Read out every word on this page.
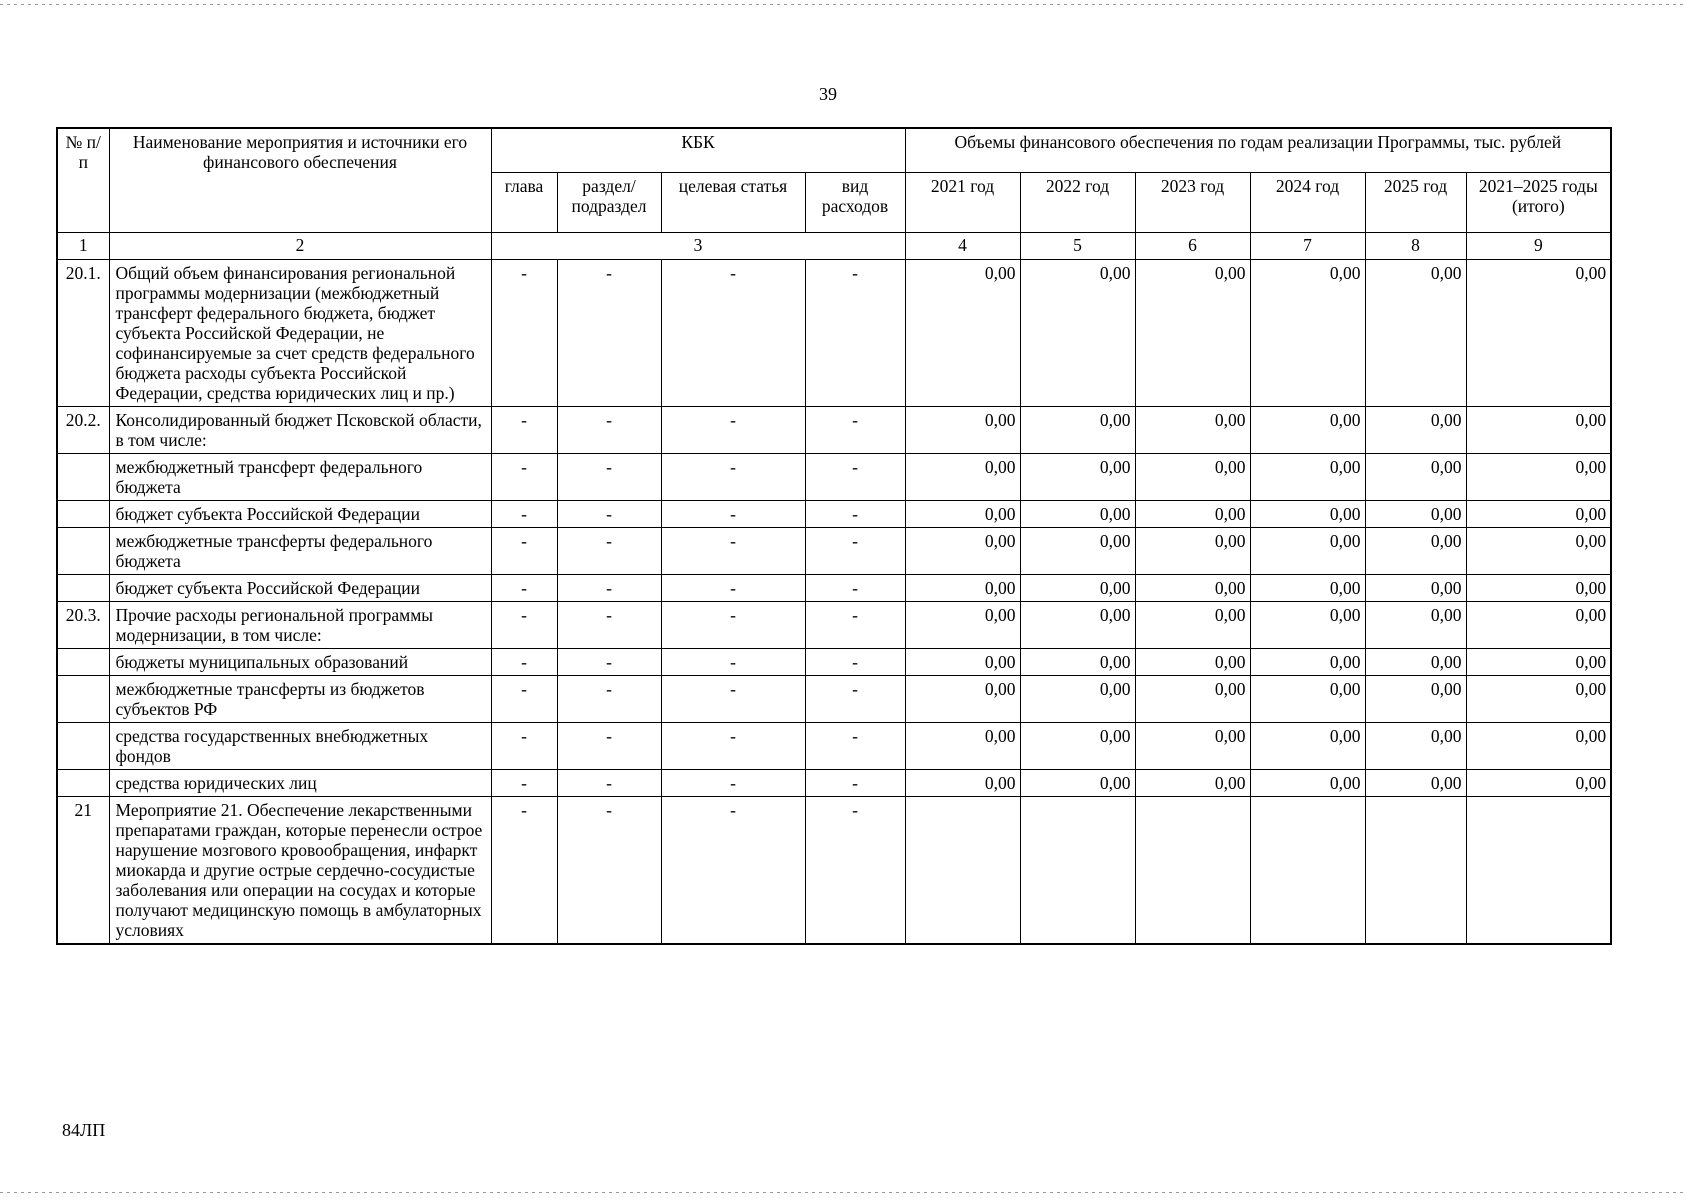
39
№ п/п	Наименование мероприятия и источники его финансового обеспечения	КБК				Объемы финансового обеспечения по годам реализации Программы, тыс. рублей					
		глава	раздел/ подраздел	целевая статья	вид расходов	2021 год	2022 год	2023 год	2024 год	2025 год	2021–2025 годы (итого)
1	2	3				4	5	6	7	8	9
20.1.	Общий объем финансирования региональной программы модернизации (межбюджетный трансферт федерального бюджета, бюджет субъекта Российской Федерации, не софинансируемые за счет средств федерального бюджета расходы субъекта Российской Федерации, средства юридических лиц и пр.)	-	-	-	-	0,00	0,00	0,00	0,00	0,00	0,00
20.2.	Консолидированный бюджет Псковской области, в том числе:	-	-	-	-	0,00	0,00	0,00	0,00	0,00	0,00
	межбюджетный трансферт федерального бюджета	-	-	-	-	0,00	0,00	0,00	0,00	0,00	0,00
	бюджет субъекта Российской Федерации	-	-	-	-	0,00	0,00	0,00	0,00	0,00	0,00
	межбюджетные трансферты федерального бюджета	-	-	-	-	0,00	0,00	0,00	0,00	0,00	0,00
	бюджет субъекта Российской Федерации	-	-	-	-	0,00	0,00	0,00	0,00	0,00	0,00
20.3.	Прочие расходы региональной программы модернизации, в том числе:	-	-	-	-	0,00	0,00	0,00	0,00	0,00	0,00
	бюджеты муниципальных образований	-	-	-	-	0,00	0,00	0,00	0,00	0,00	0,00
	межбюджетные трансферты из бюджетов субъектов РФ	-	-	-	-	0,00	0,00	0,00	0,00	0,00	0,00
	средства государственных внебюджетных фондов	-	-	-	-	0,00	0,00	0,00	0,00	0,00	0,00
	средства юридических лиц	-	-	-	-	0,00	0,00	0,00	0,00	0,00	0,00
21	Мероприятие 21. Обеспечение лекарственными препаратами граждан, которые перенесли острое нарушение мозгового кровообращения, инфаркт миокарда и другие острые сердечно-сосудистые заболевания или операции на сосудах и которые получают медицинскую помощь в амбулаторных условиях	-	-	-	-						
84ЛП
